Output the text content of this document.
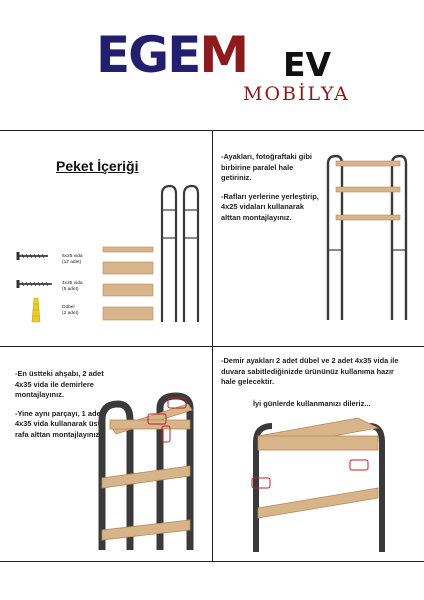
EGEM EV
MOBİLYA
Peket İçeriği
6x25 vida
(12 adet)
4x35 vida
(5 adet)
Dübel
(2 adet)
-Ayakları, fotoğraftaki gibi
birbirine paralel hale
getiriniz.
-Rafları yerlerine yerleştirip,
4x25 vidaları kullanarak
alttan montajlayınız.
-En üstteki ahşabı, 2 adet
4x35 vida ile demirlere
montajlayınız.
-Yine aynı parçayı, 1 adet
4x35 vida kullanarak üst
rafa alttan montajlayınız.
-Demir ayakları 2 adet dübel ve 2 adet 4x35 vida ile
duvara sabitlediğinizde ürününüz kullanıma hazır
hale gelecektir.
İyi günlerde kullanmanızı dileriz...
